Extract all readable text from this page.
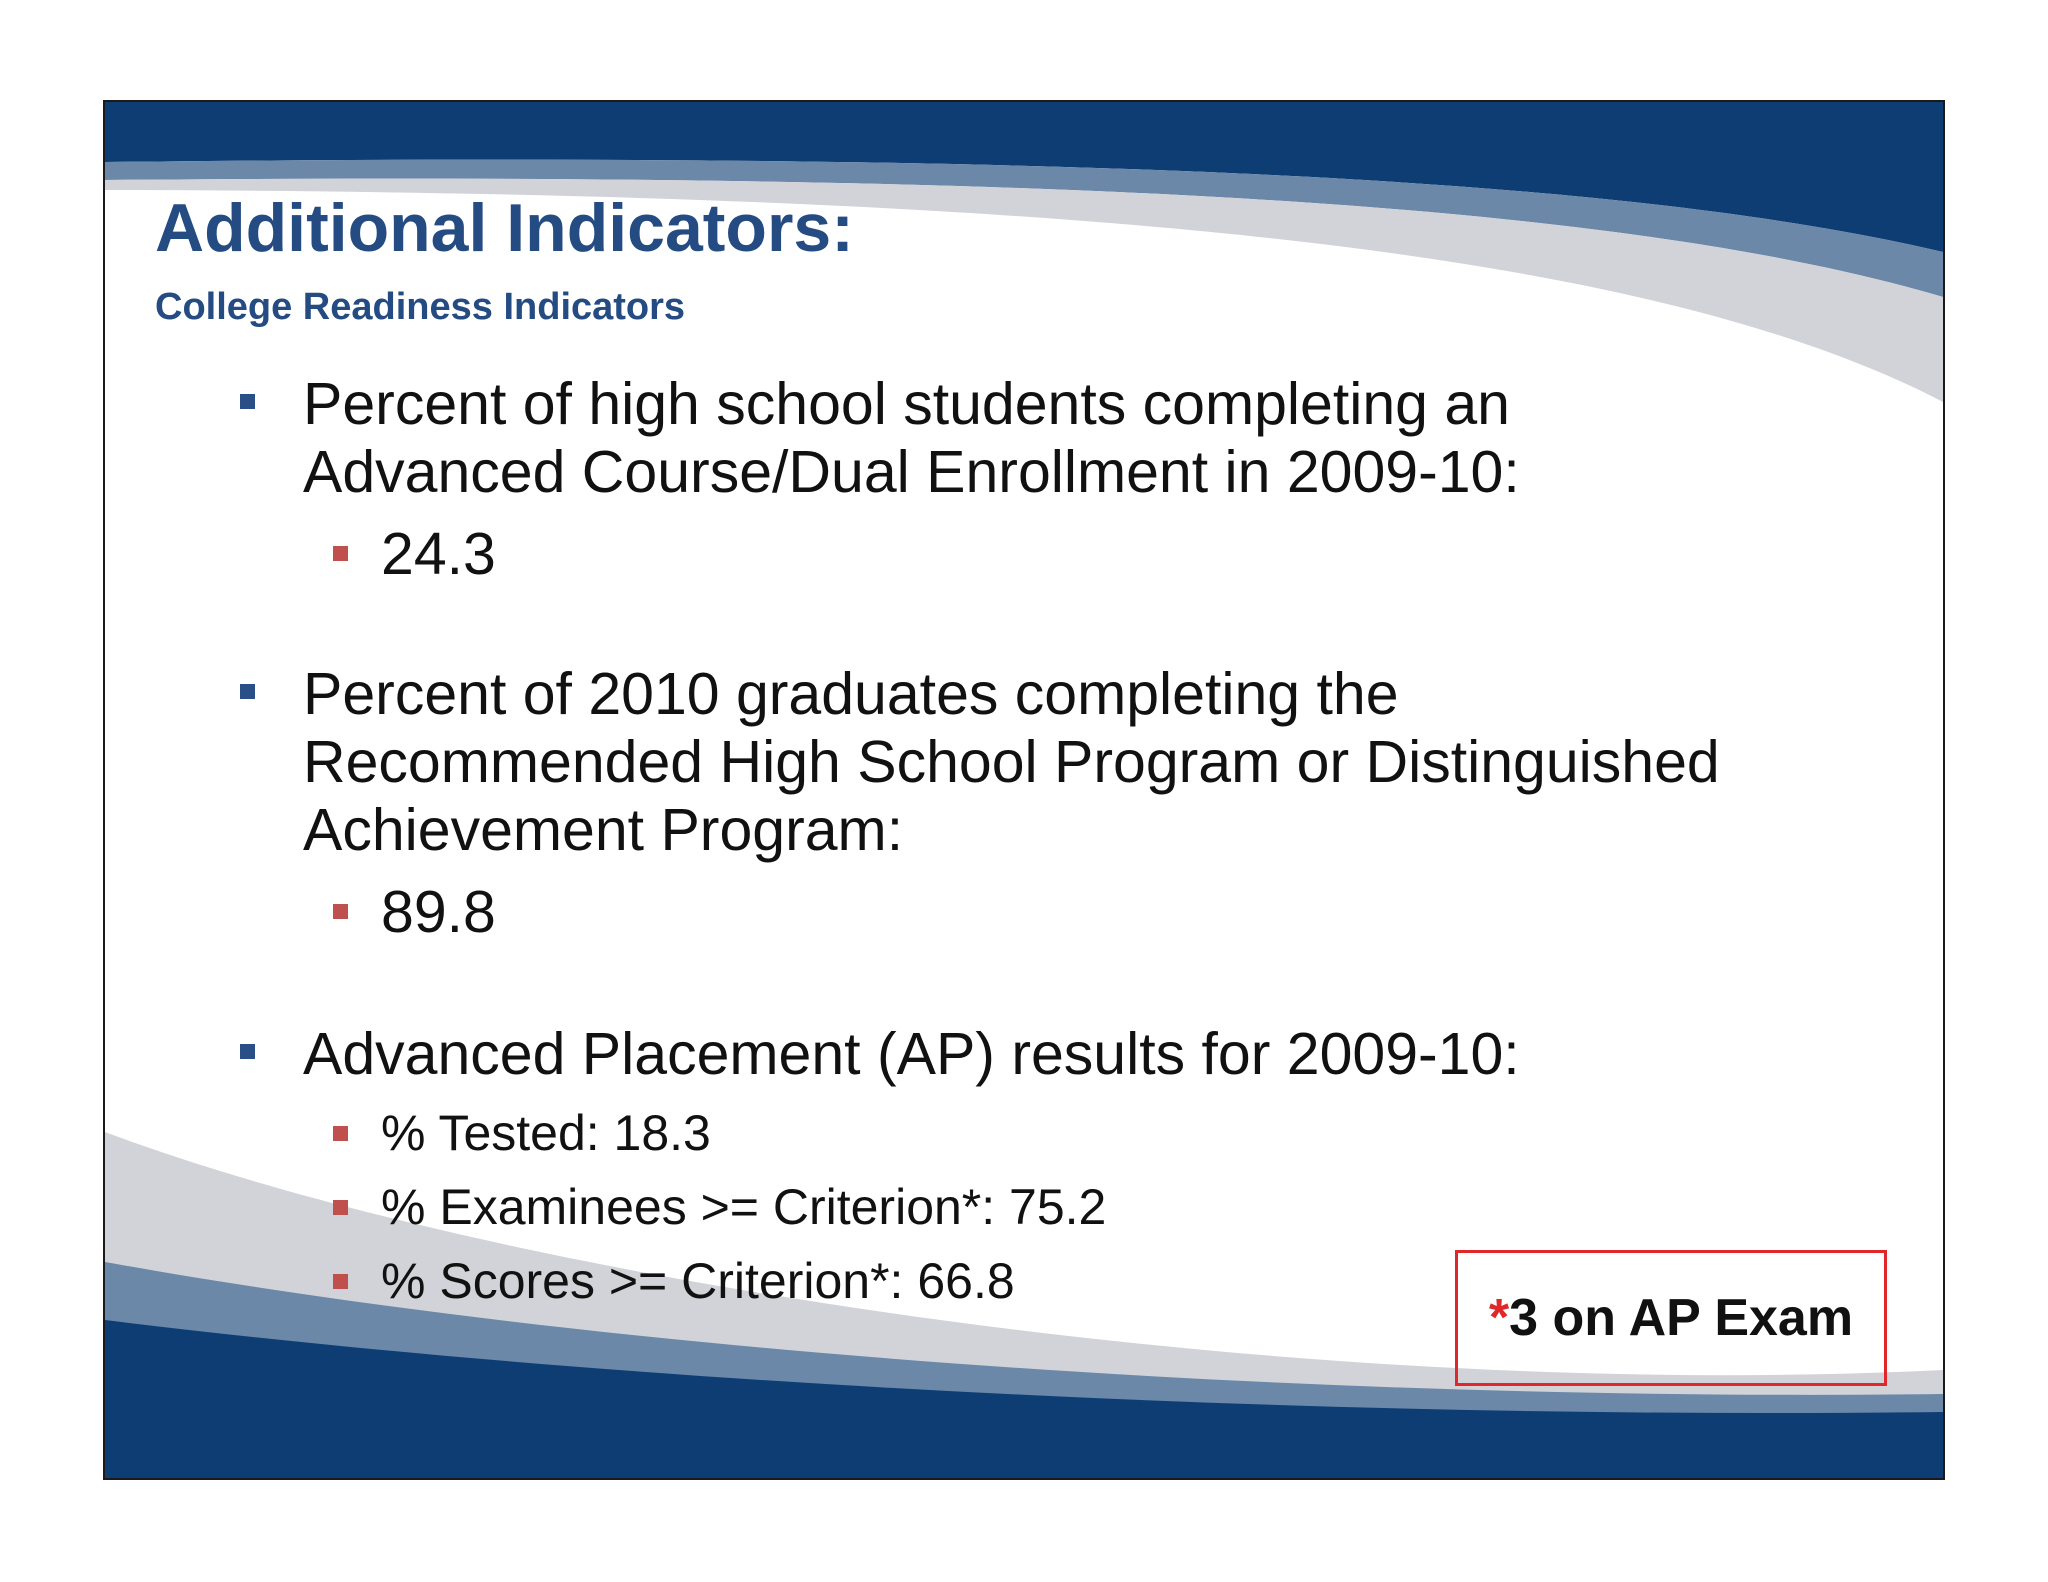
Additional Indicators:
College Readiness Indicators
Percent of high school students completing an
Advanced Course/Dual Enrollment in 2009-10:
24.3
Percent of 2010 graduates completing the
Recommended High School Program or Distinguished
Achievement Program:
89.8
Advanced Placement (AP) results for 2009-10:
% Tested: 18.3
% Examinees >= Criterion*: 75.2
% Scores >= Criterion*: 66.8
* 3 on AP Exam
